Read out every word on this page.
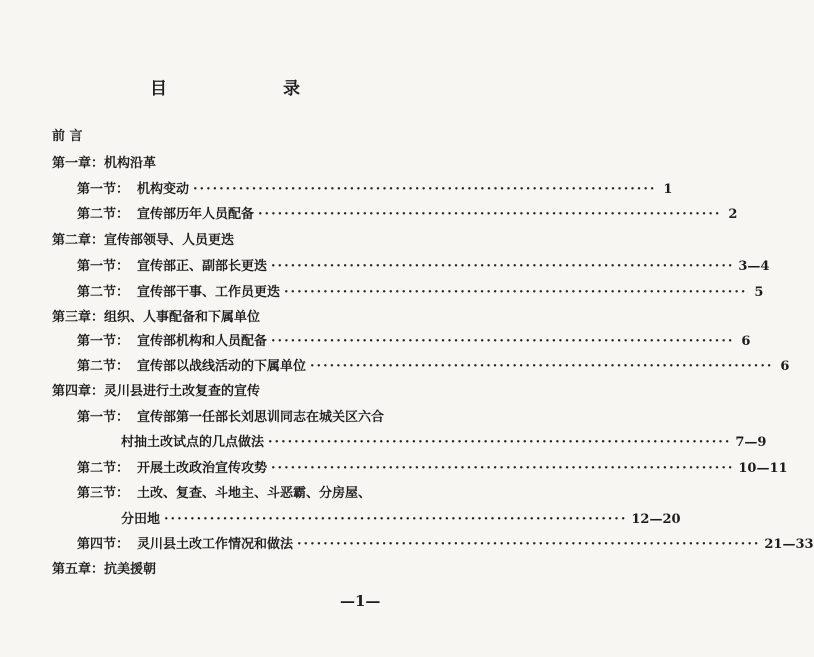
目	录
前 言
第一章：机构沿革
第一节： 机构变动 ······································································· 1
第二节： 宣传部历年人员配备 ······································································· 2
第二章：宣传部领导、人员更迭
第一节： 宣传部正、副部长更迭 ······································································· 3—4
第二节： 宣传部干事、工作员更迭 ······································································· 5
第三章：组织、人事配备和下属单位
第一节： 宣传部机构和人员配备 ······································································· 6
第二节： 宣传部以战线活动的下属单位 ······································································· 6
第四章：灵川县进行土改复查的宣传
第一节： 宣传部第一任部长刘思训同志在城关区六合
村抽土改试点的几点做法 ······································································· 7—9
第二节： 开展土改政治宣传攻势 ······································································· 10—11
第三节： 土改、复查、斗地主、斗恶霸、分房屋、
分田地 ······································································· 12—20
第四节： 灵川县土改工作情况和做法 ······································································· 21—33
第五章：抗美援朝
—1—
